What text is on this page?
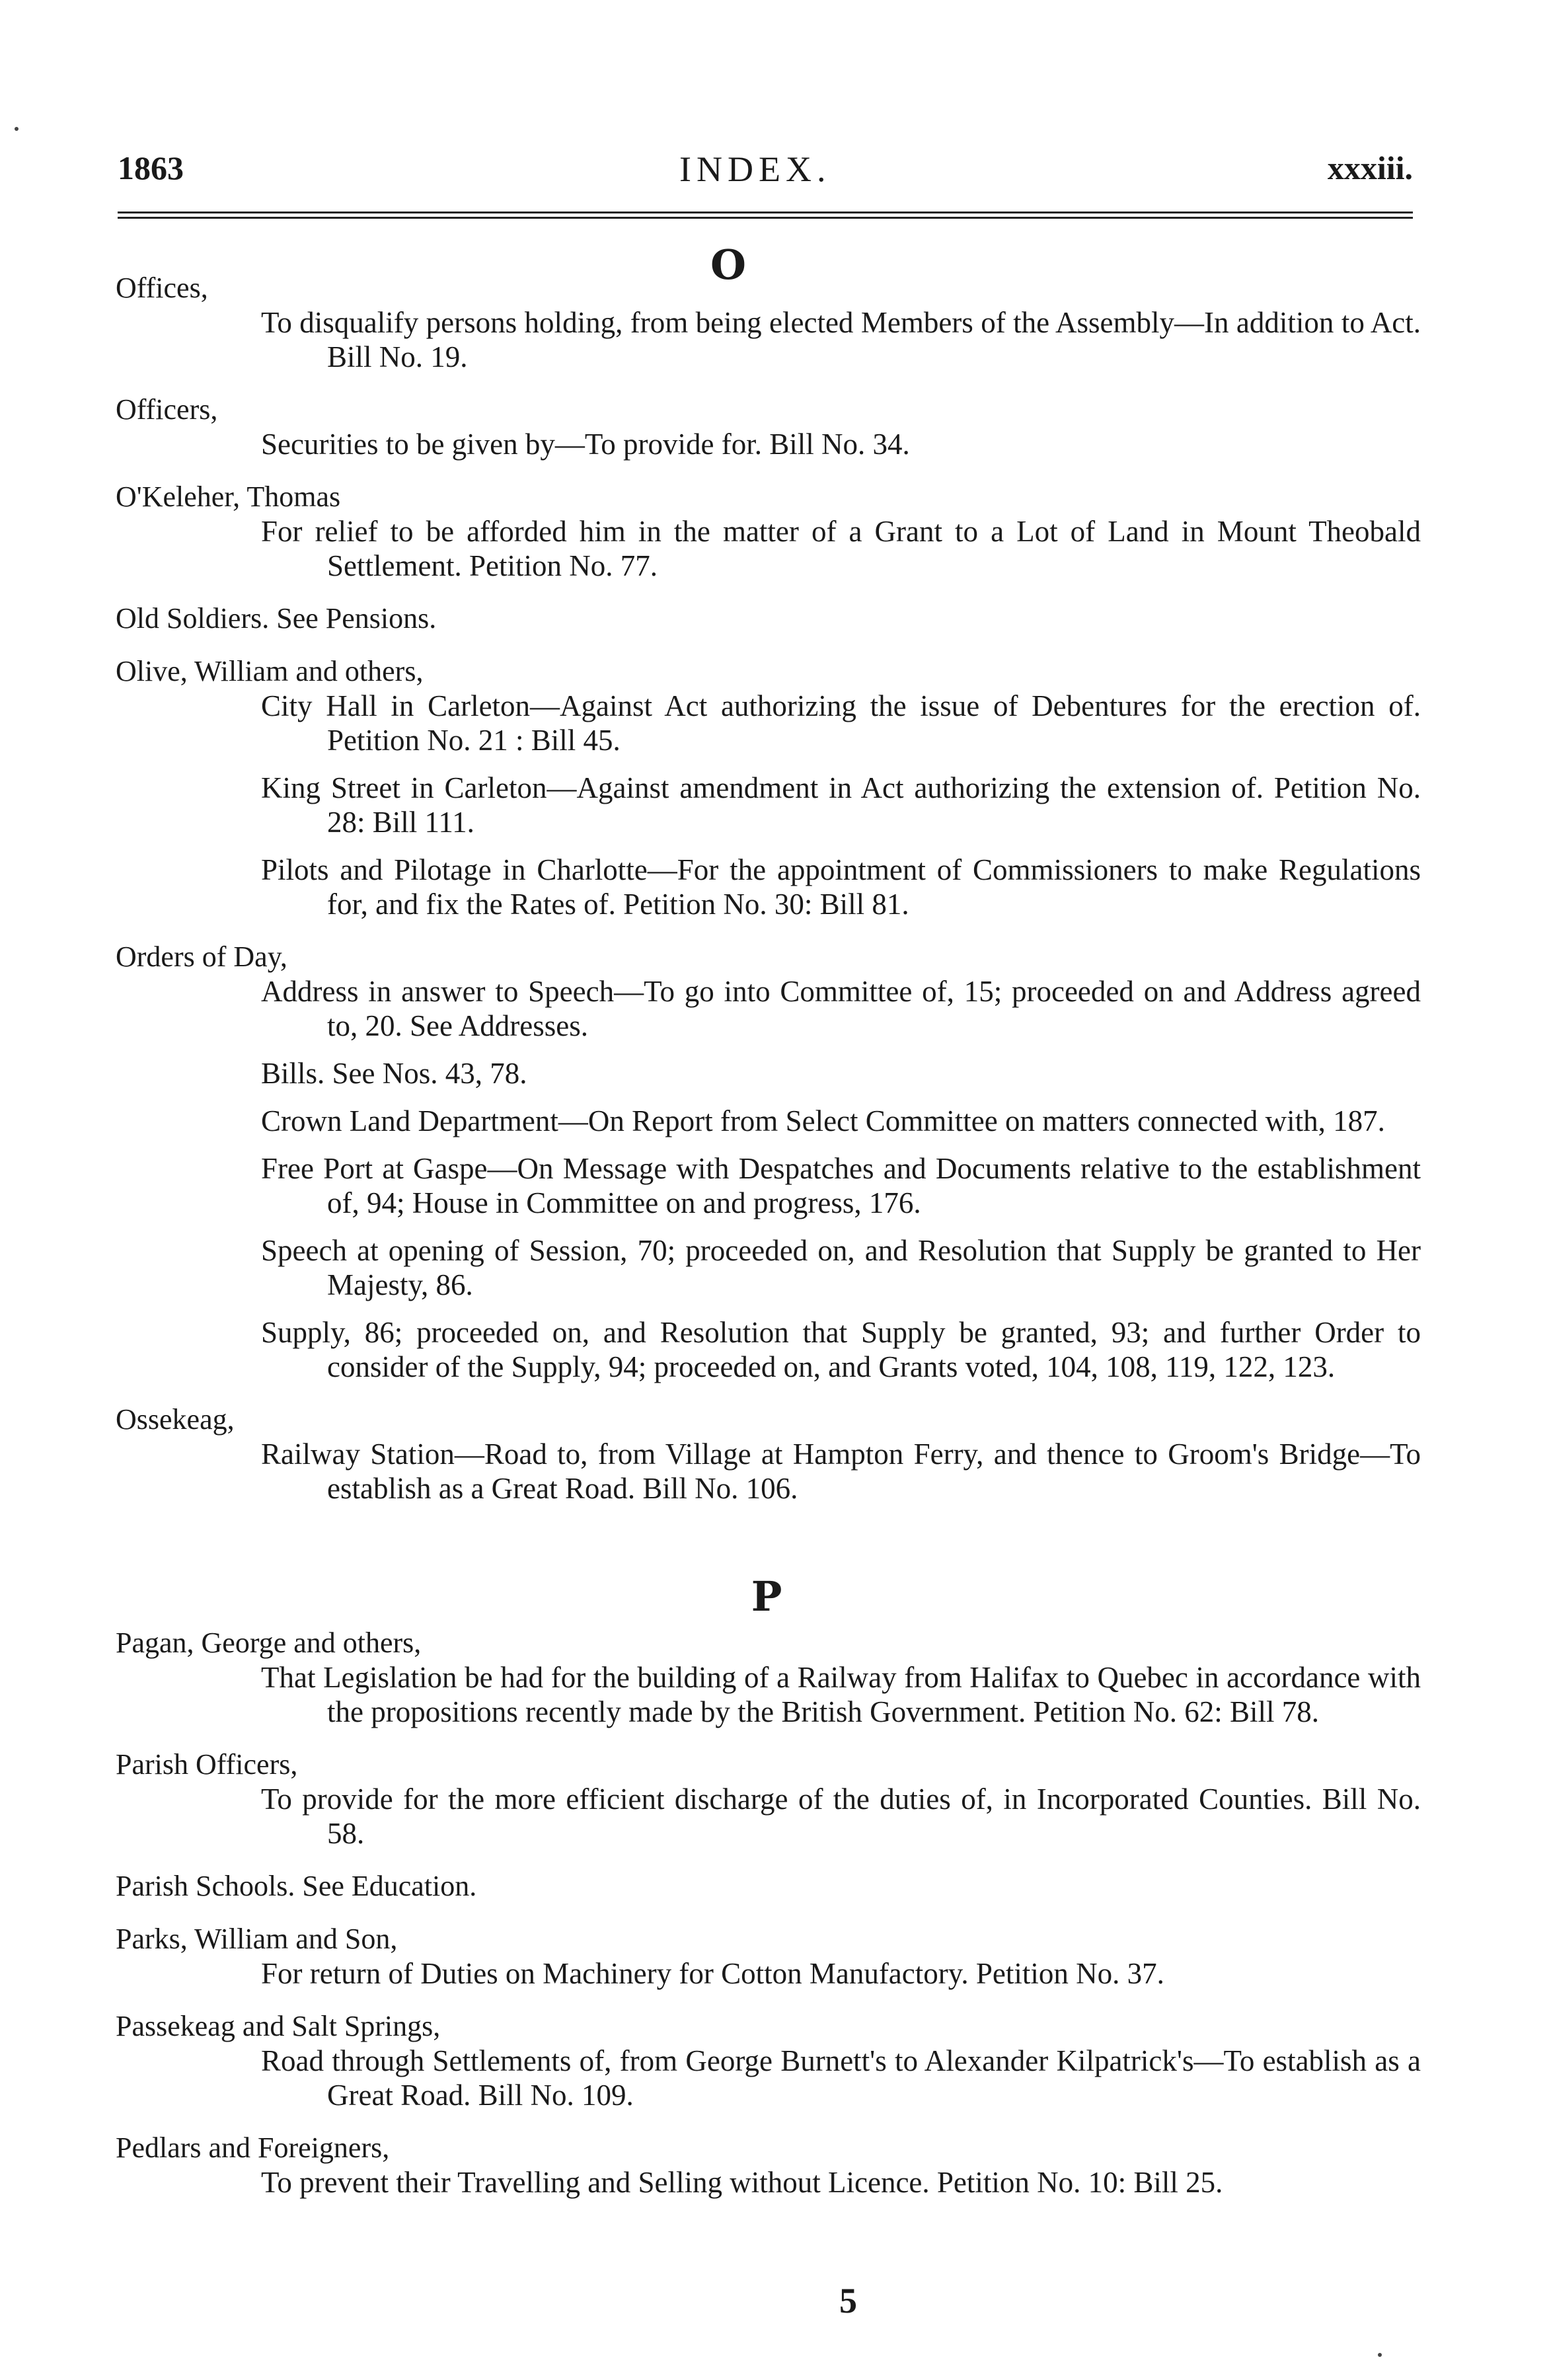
1863	INDEX.	xxxiii.
O
Offices,
To disqualify persons holding, from being elected Members of the Assembly—In addition to Act. Bill No. 19.
Officers,
Securities to be given by—To provide for. Bill No. 34.
O'Keleher, Thomas
For relief to be afforded him in the matter of a Grant to a Lot of Land in Mount Theobald Settlement. Petition No. 77.
Old Soldiers. See Pensions.
Olive, William and others,
City Hall in Carleton—Against Act authorizing the issue of Debentures for the erection of. Petition No. 21 : Bill 45.
King Street in Carleton—Against amendment in Act authorizing the extension of. Petition No. 28: Bill 111.
Pilots and Pilotage in Charlotte—For the appointment of Commissioners to make Regulations for, and fix the Rates of. Petition No. 30: Bill 81.
Orders of Day,
Address in answer to Speech—To go into Committee of, 15; proceeded on and Address agreed to, 20. See Addresses.
Bills. See Nos. 43, 78.
Crown Land Department—On Report from Select Committee on matters connected with, 187.
Free Port at Gaspe—On Message with Despatches and Documents relative to the establishment of, 94; House in Committee on and progress, 176.
Speech at opening of Session, 70; proceeded on, and Resolution that Supply be granted to Her Majesty, 86.
Supply, 86; proceeded on, and Resolution that Supply be granted, 93; and further Order to consider of the Supply, 94; proceeded on, and Grants voted, 104, 108, 119, 122, 123.
Ossekeag,
Railway Station—Road to, from Village at Hampton Ferry, and thence to Groom's Bridge—To establish as a Great Road. Bill No. 106.
P
Pagan, George and others,
That Legislation be had for the building of a Railway from Halifax to Quebec in accordance with the propositions recently made by the British Government. Petition No. 62: Bill 78.
Parish Officers,
To provide for the more efficient discharge of the duties of, in Incorporated Counties. Bill No. 58.
Parish Schools. See Education.
Parks, William and Son,
For return of Duties on Machinery for Cotton Manufactory. Petition No. 37.
Passekeag and Salt Springs,
Road through Settlements of, from George Burnett's to Alexander Kilpatrick's—To establish as a Great Road. Bill No. 109.
Pedlars and Foreigners,
To prevent their Travelling and Selling without Licence. Petition No. 10: Bill 25.
5
